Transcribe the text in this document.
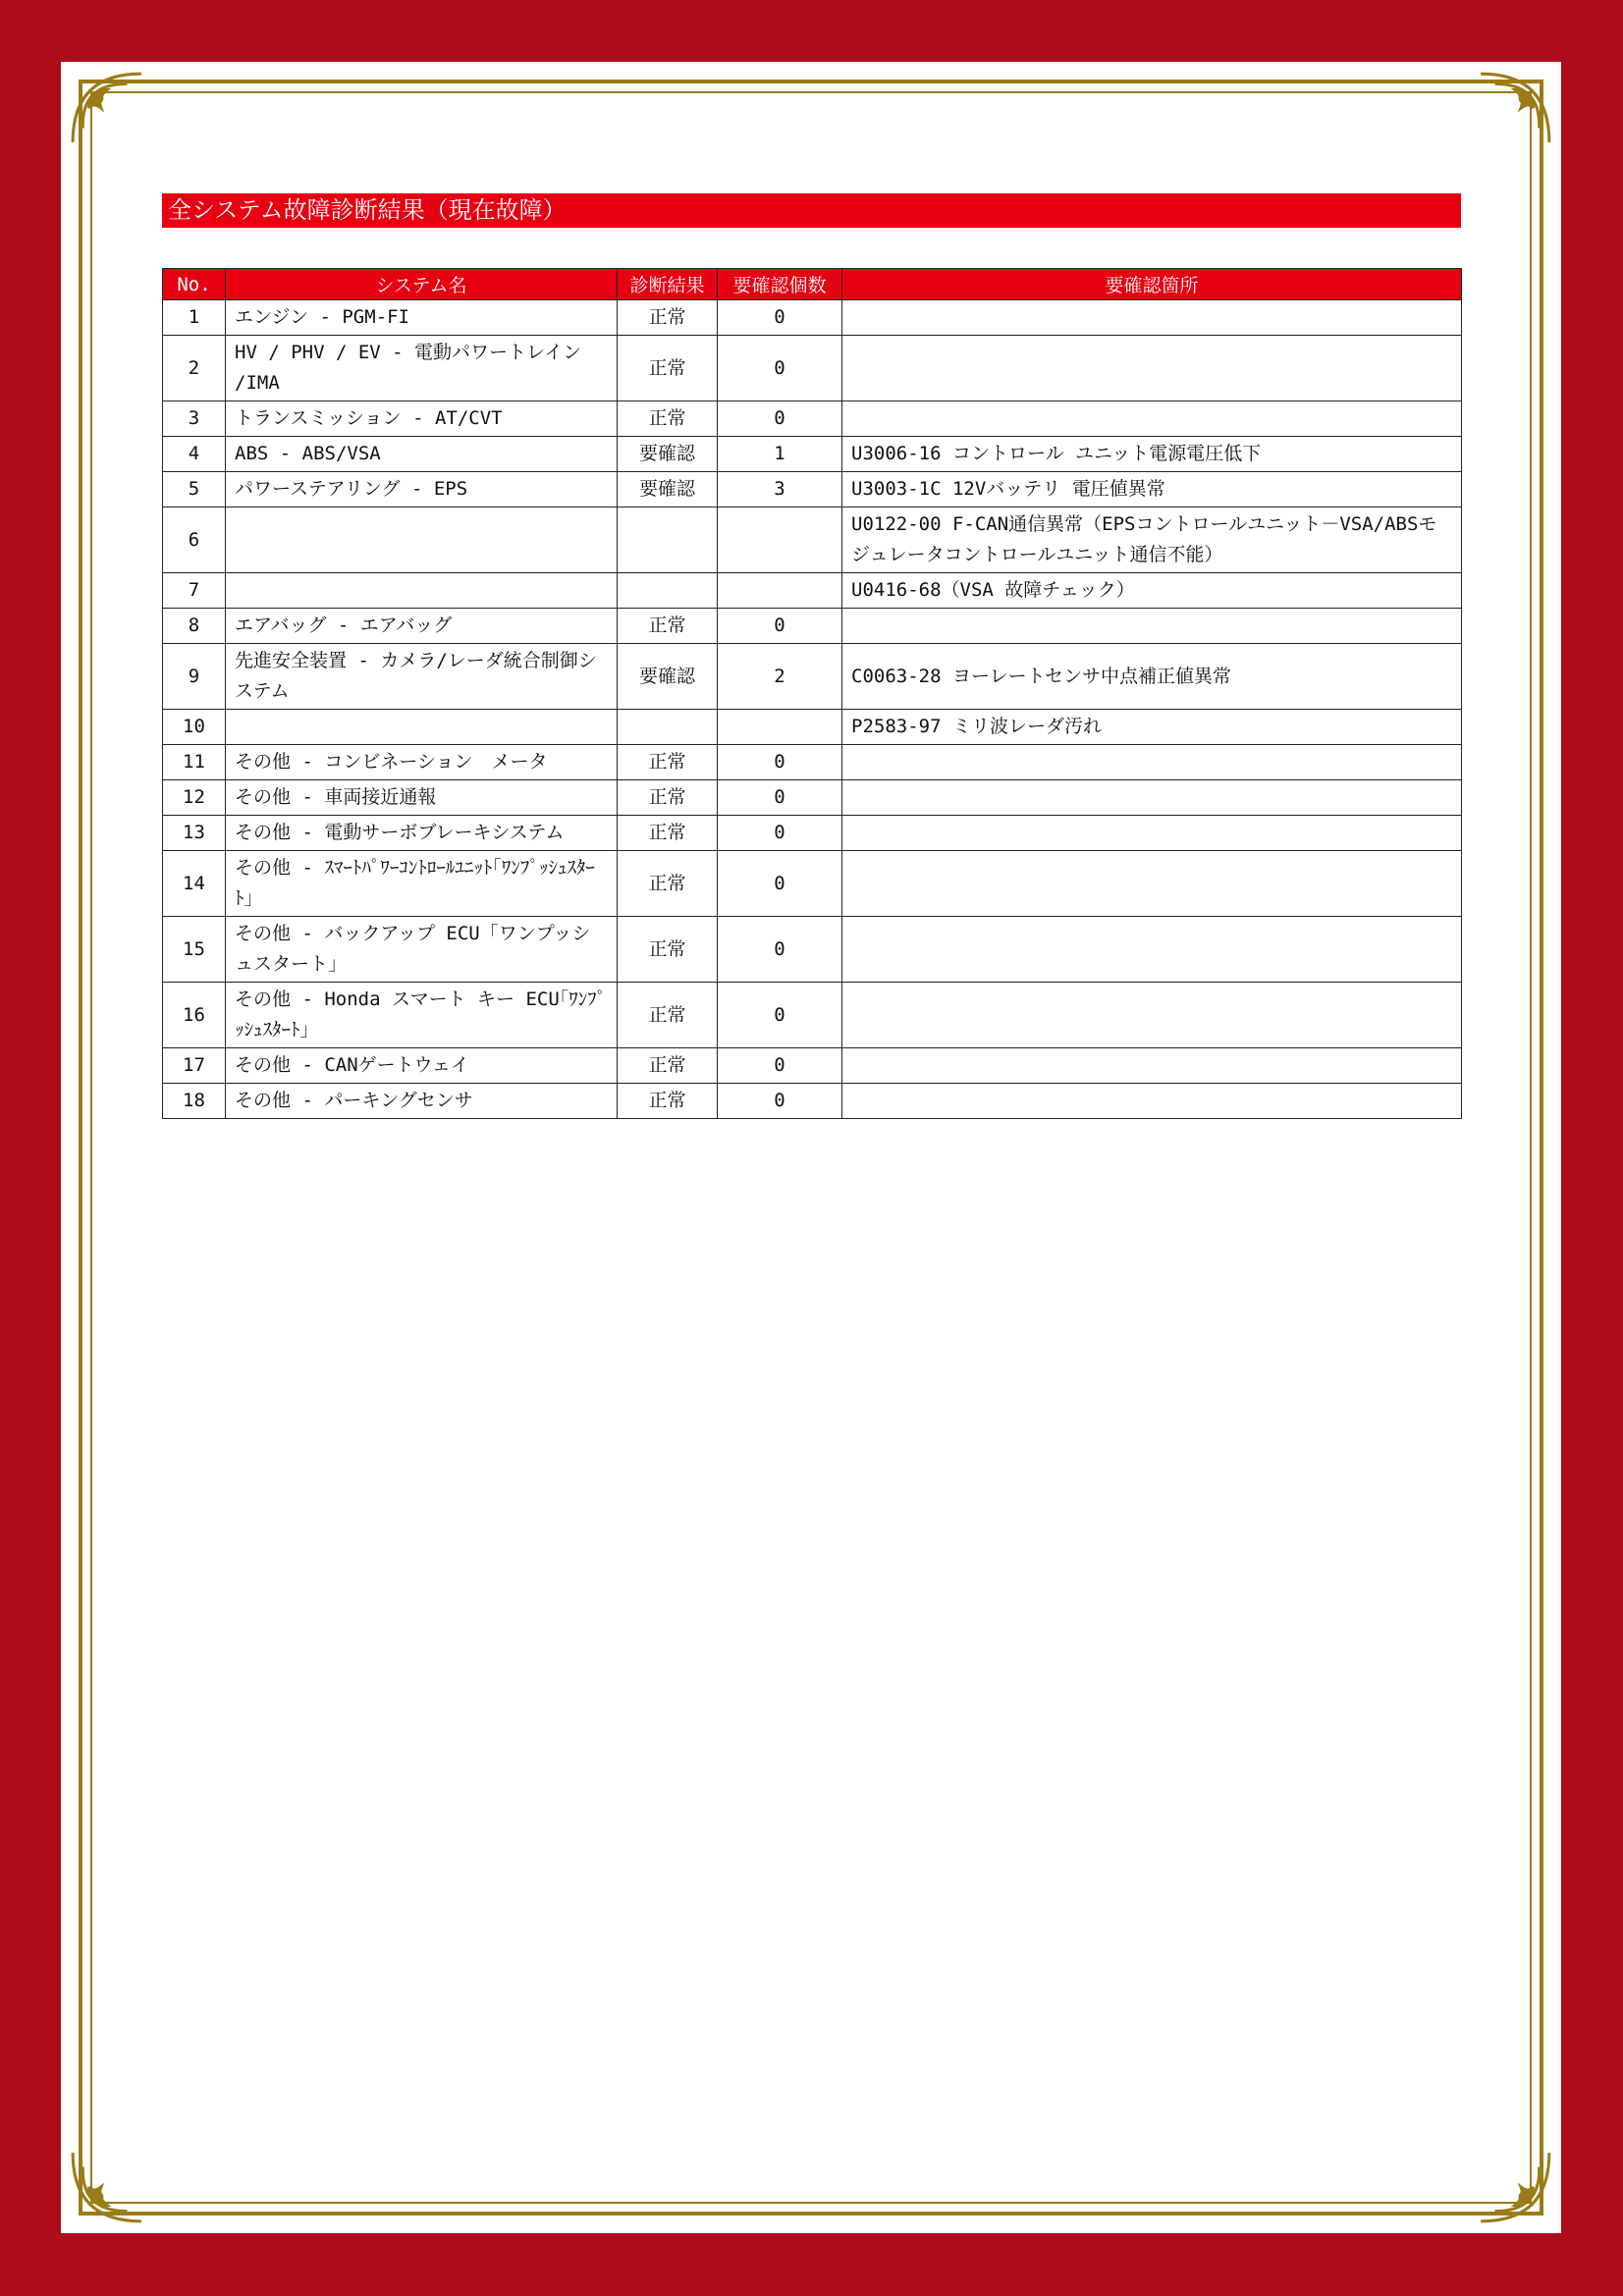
全システム故障診断結果（現在故障）
No.	システム名	診断結果	要確認個数	要確認箇所
1	エンジン - PGM-FI	正常	0	
2	HV / PHV / EV - 電動パワートレイン /IMA	正常	0	
3	トランスミッション - AT/CVT	正常	0	
4	ABS - ABS/VSA	要確認	1	U3006-16 コントロール ユニット電源電圧低下
5	パワーステアリング - EPS	要確認	3	U3003-1C 12Vバッテリ 電圧値異常
6				U0122-00 F-CAN通信異常（EPSコントロールユニット－VSA/ABSモジュレータコントロールユニット通信不能）
7				U0416-68（VSA 故障チェック）
8	エアバッグ - エアバッグ	正常	0	
9	先進安全装置 - カメラ/レーダ統合制御システム	要確認	2	C0063-28 ヨーレートセンサ中点補正値異常
10				P2583-97 ミリ波レーダ汚れ
11	その他 - コンビネーション　メータ	正常	0	
12	その他 - 車両接近通報	正常	0	
13	その他 - 電動サーボブレーキシステム	正常	0	
14	その他 - ｽﾏｰﾄﾊﾟﾜｰｺﾝﾄﾛｰﾙﾕﾆｯﾄ｢ﾜﾝﾌﾟｯｼｭｽﾀｰﾄ｣	正常	0	
15	その他 - バックアップ ECU「ワンプッシュスタート」	正常	0	
16	その他 - Honda スマート キー ECU｢ﾜﾝﾌﾟｯｼｭｽﾀｰﾄ｣	正常	0	
17	その他 - CANゲートウェイ	正常	0	
18	その他 - パーキングセンサ	正常	0	
